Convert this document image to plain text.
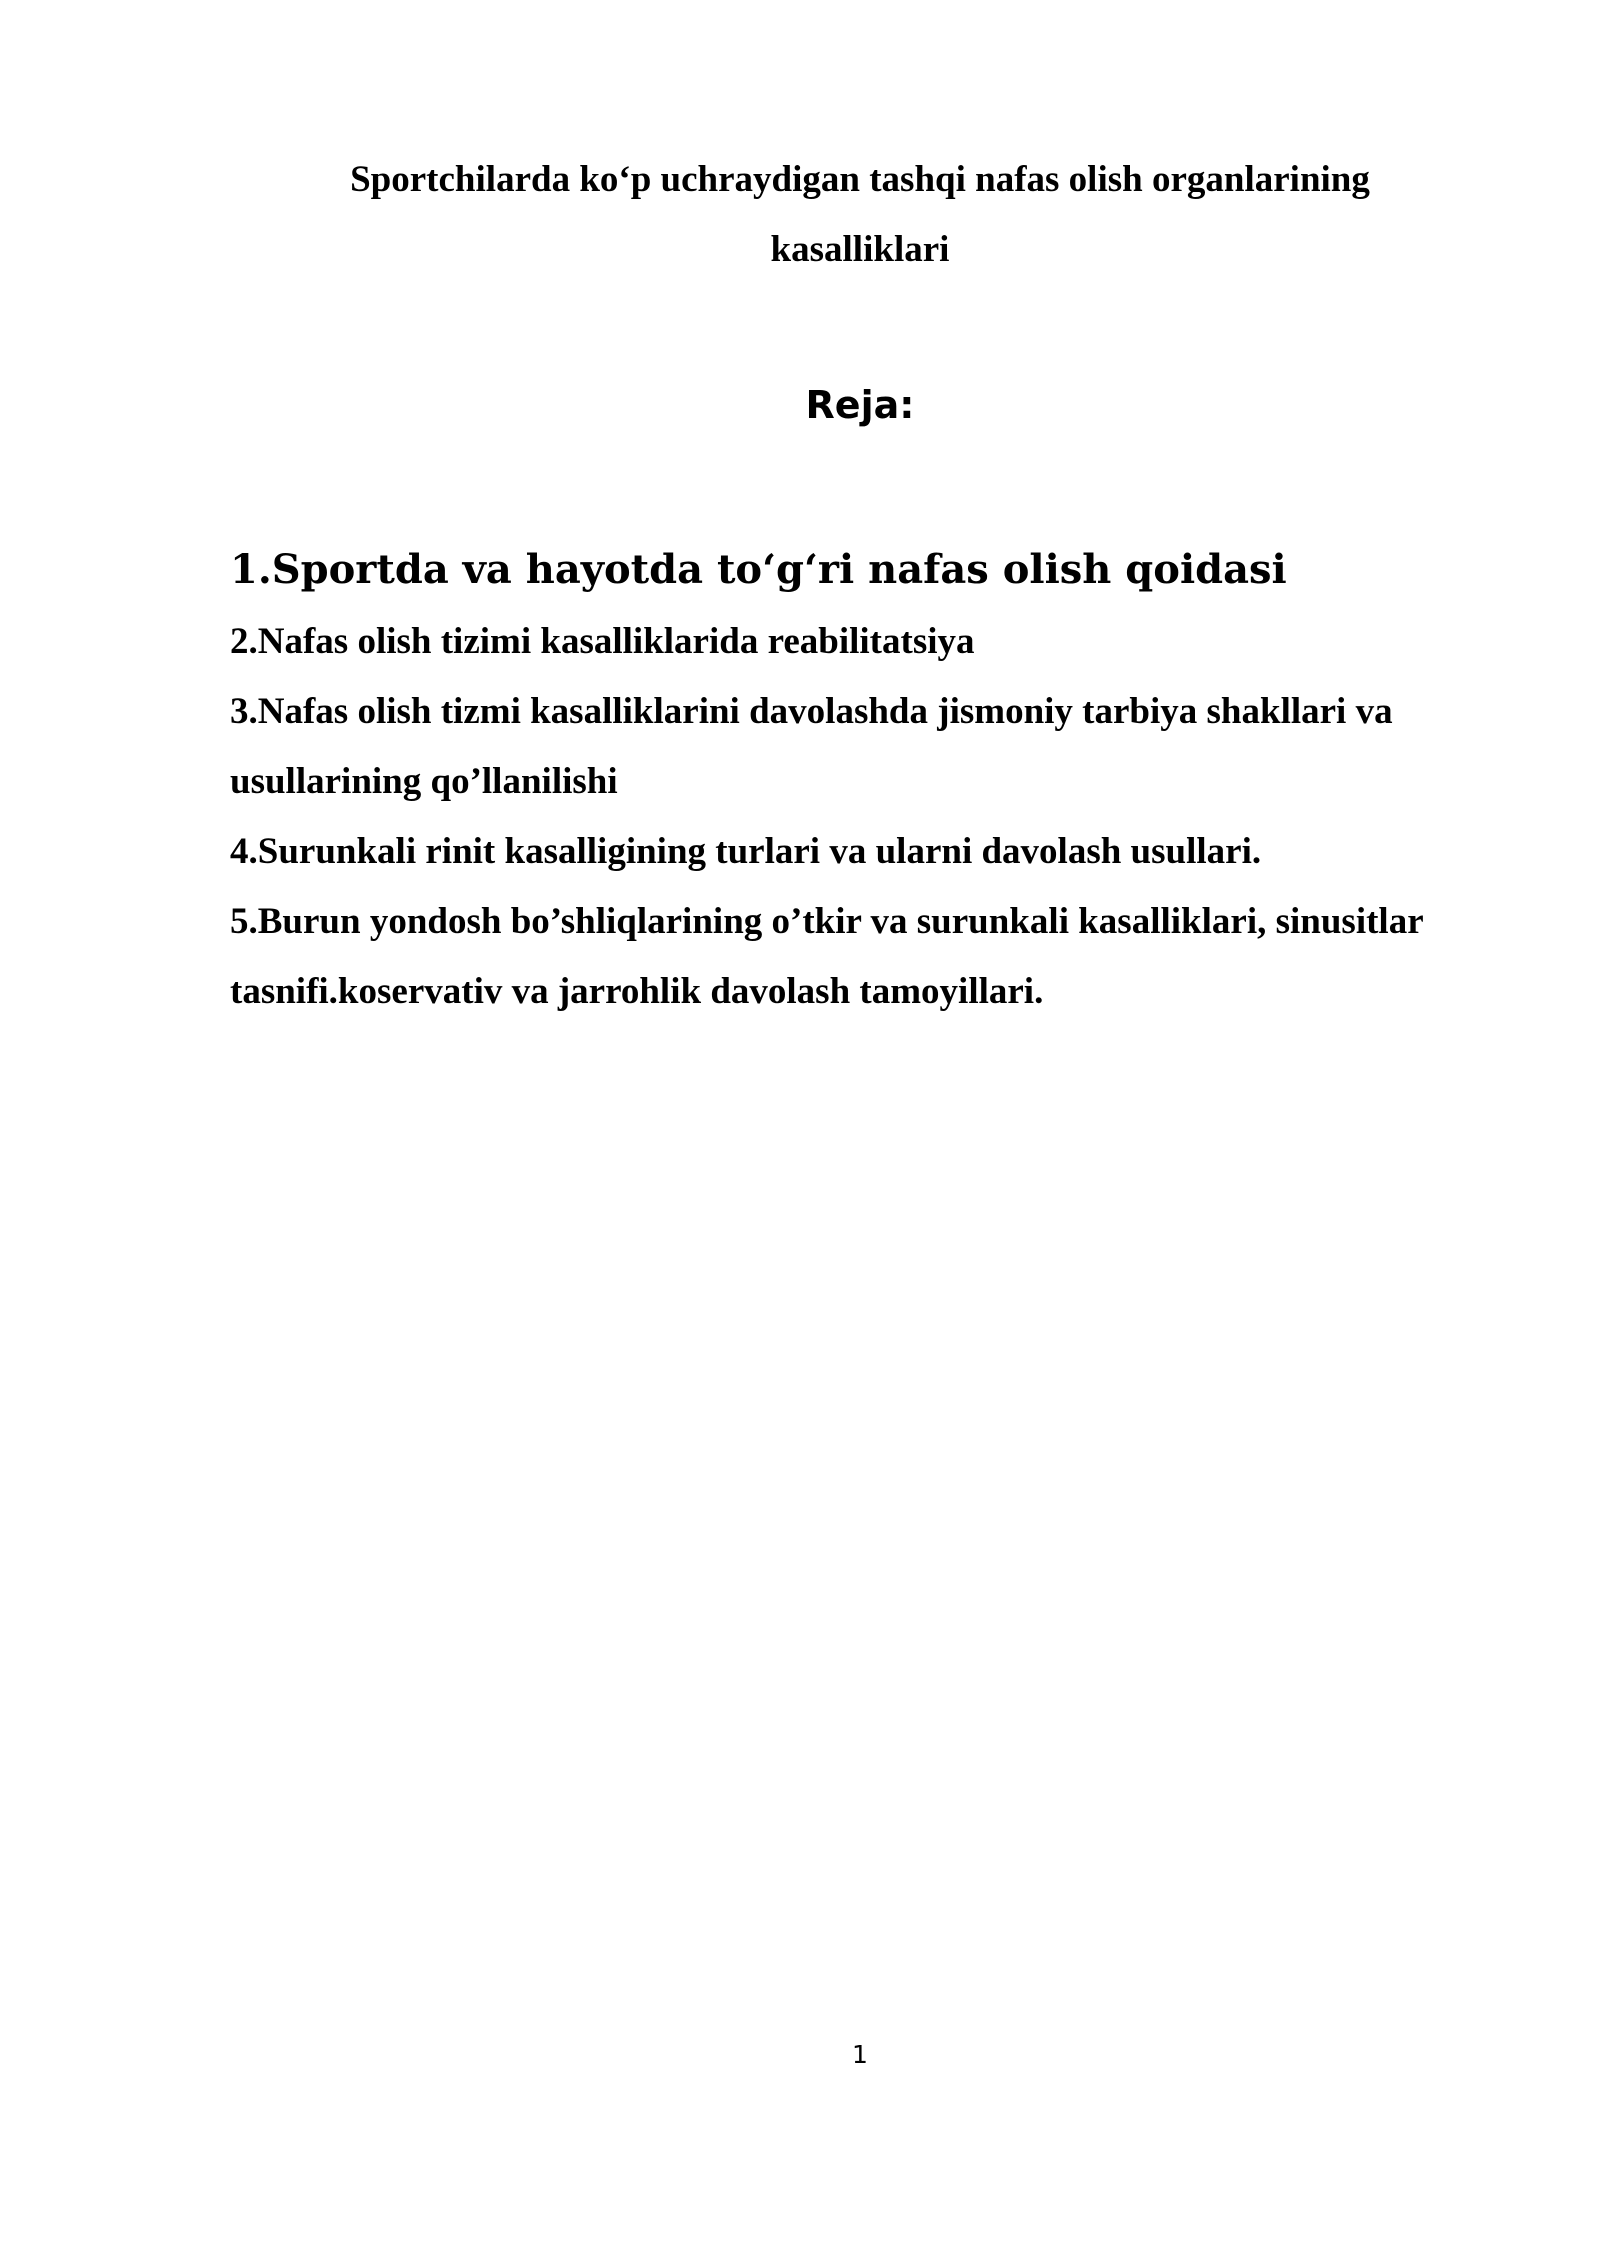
Sportchilarda ko‘p uchraydigan tashqi nafas olish organlarining
kasalliklari
Reja:
1.Sportda va hayotda to‘g‘ri nafas olish qoidasi
2.Nafas olish tizimi kasalliklarida reabilitatsiya
3.Nafas olish tizmi kasalliklarini davolashda jismoniy tarbiya shakllari va usullarining qo’llanilishi
4.Surunkali rinit kasalligining turlari va ularni davolash usullari.
5.Burun yondosh bo’shliqlarining o’tkir va surunkali kasalliklari, sinusitlar tasnifi.koservativ va jarrohlik davolash tamoyillari.
1
